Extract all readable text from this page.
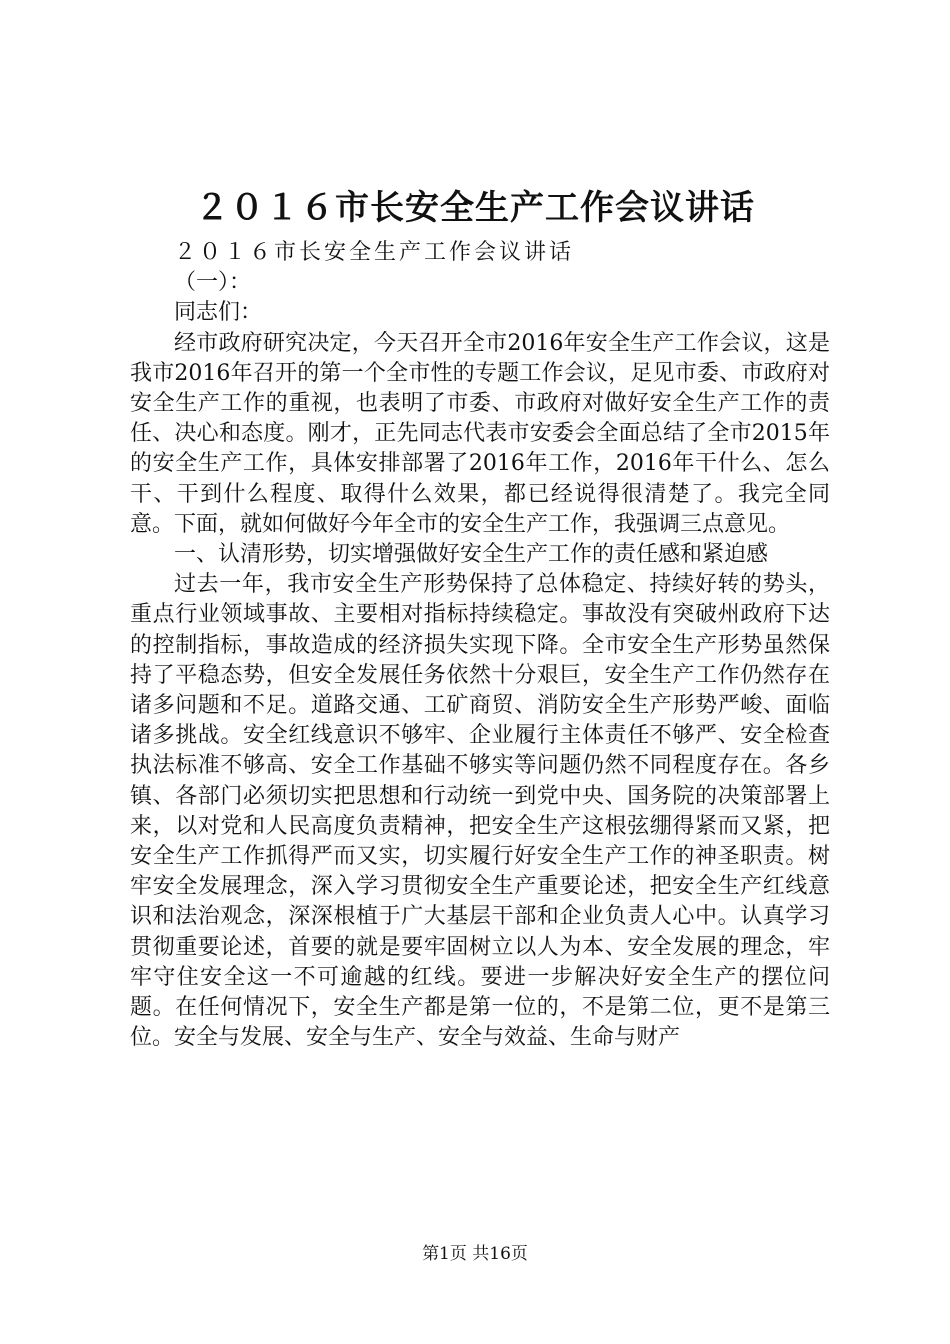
２０１６市长安全生产工作会议讲话

２０１６市长安全生产工作会议讲话

（一）：

同志们：

经市政府研究决定，今天召开全市2016年安全生产工作会议，这是我市2016年召开的第一个全市性的专题工作会议，足见市委、市政府对安全生产工作的重视，也表明了市委、市政府对做好安全生产工作的责任、决心和态度。刚才，正先同志代表市安委会全面总结了全市2015年的安全生产工作，具体安排部署了2016年工作，2016年干什么、怎么干、干到什么程度、取得什么效果，都已经说得很清楚了。我完全同意。下面，就如何做好今年全市的安全生产工作，我强调三点意见。

一、认清形势，切实增强做好安全生产工作的责任感和紧迫感

过去一年，我市安全生产形势保持了总体稳定、持续好转的势头，重点行业领域事故、主要相对指标持续稳定。事故没有突破州政府下达的控制指标，事故造成的经济损失实现下降。全市安全生产形势虽然保持了平稳态势，但安全发展任务依然十分艰巨，安全生产工作仍然存在诸多问题和不足。道路交通、工矿商贸、消防安全生产形势严峻、面临诸多挑战。安全红线意识不够牢、企业履行主体责任不够严、安全检查执法标准不够高、安全工作基础不够实等问题仍然不同程度存在。各乡镇、各部门必须切实把思想和行动统一到党中央、国务院的决策部署上来，以对党和人民高度负责精神，把安全生产这根弦绷得紧而又紧，把安全生产工作抓得严而又实，切实履行好安全生产工作的神圣职责。树牢安全发展理念，深入学习贯彻安全生产重要论述，把安全生产红线意识和法治观念，深深根植于广大基层干部和企业负责人心中。认真学习贯彻重要论述，首要的就是要牢固树立以人为本、安全发展的理念，牢牢守住安全这一不可逾越的红线。要进一步解决好安全生产的摆位问题。在任何情况下，安全生产都是第一位的，不是第二位，更不是第三位。安全与发展、安全与生产、安全与效益、生命与财产

第1页 共16页
